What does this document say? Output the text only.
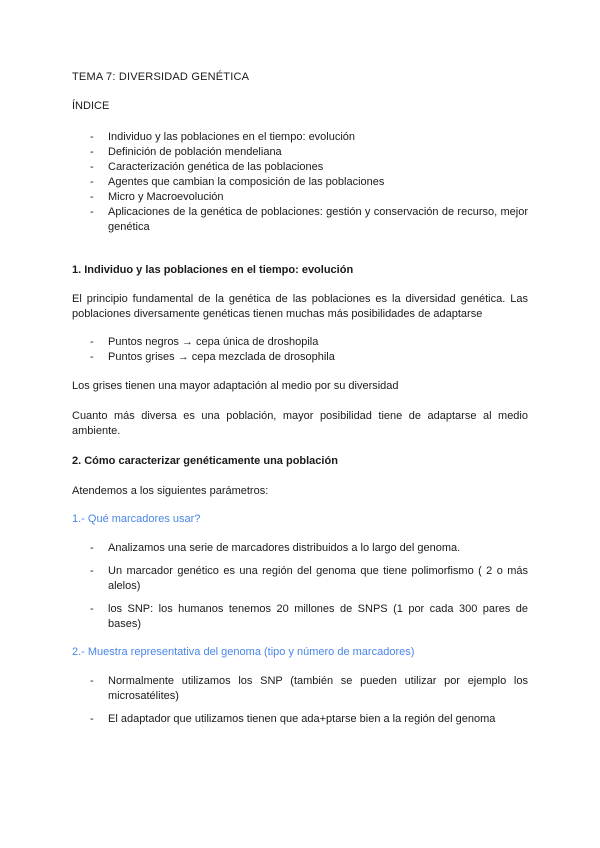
TEMA 7: DIVERSIDAD GENÉTICA
ÍNDICE
- Individuo y las poblaciones en el tiempo: evolución
- Definición de población mendeliana
- Caracterización genética de las poblaciones
- Agentes que cambian la composición de las poblaciones
- Micro y Macroevolución
- Aplicaciones de la genética de poblaciones: gestión y conservación de recurso, mejor genética
1. Individuo y las poblaciones en el tiempo: evolución
El principio fundamental de la genética de las poblaciones es la diversidad genética. Las poblaciones diversamente genéticas tienen muchas más posibilidades de adaptarse
- Puntos negros → cepa única de droshopila
- Puntos grises → cepa mezclada de drosophila
Los grises tienen una mayor adaptación al medio por su diversidad
Cuanto más diversa es una población, mayor posibilidad tiene de adaptarse al medio ambiente.
2. Cómo caracterizar genéticamente una población
Atendemos a los siguientes parámetros:
1.- Qué marcadores usar?
- Analizamos una serie de marcadores distribuidos a lo largo del genoma.
- Un marcador genético es una región del genoma que tiene polimorfismo ( 2 o más alelos)
- los SNP: los humanos tenemos 20 millones de SNPS (1 por cada 300 pares de bases)
2.- Muestra representativa del genoma (tipo y número de marcadores)
- Normalmente utilizamos los SNP (también se pueden utilizar por ejemplo los microsatélites)
- El adaptador que utilizamos tienen que ada+ptarse bien a la región del genoma
